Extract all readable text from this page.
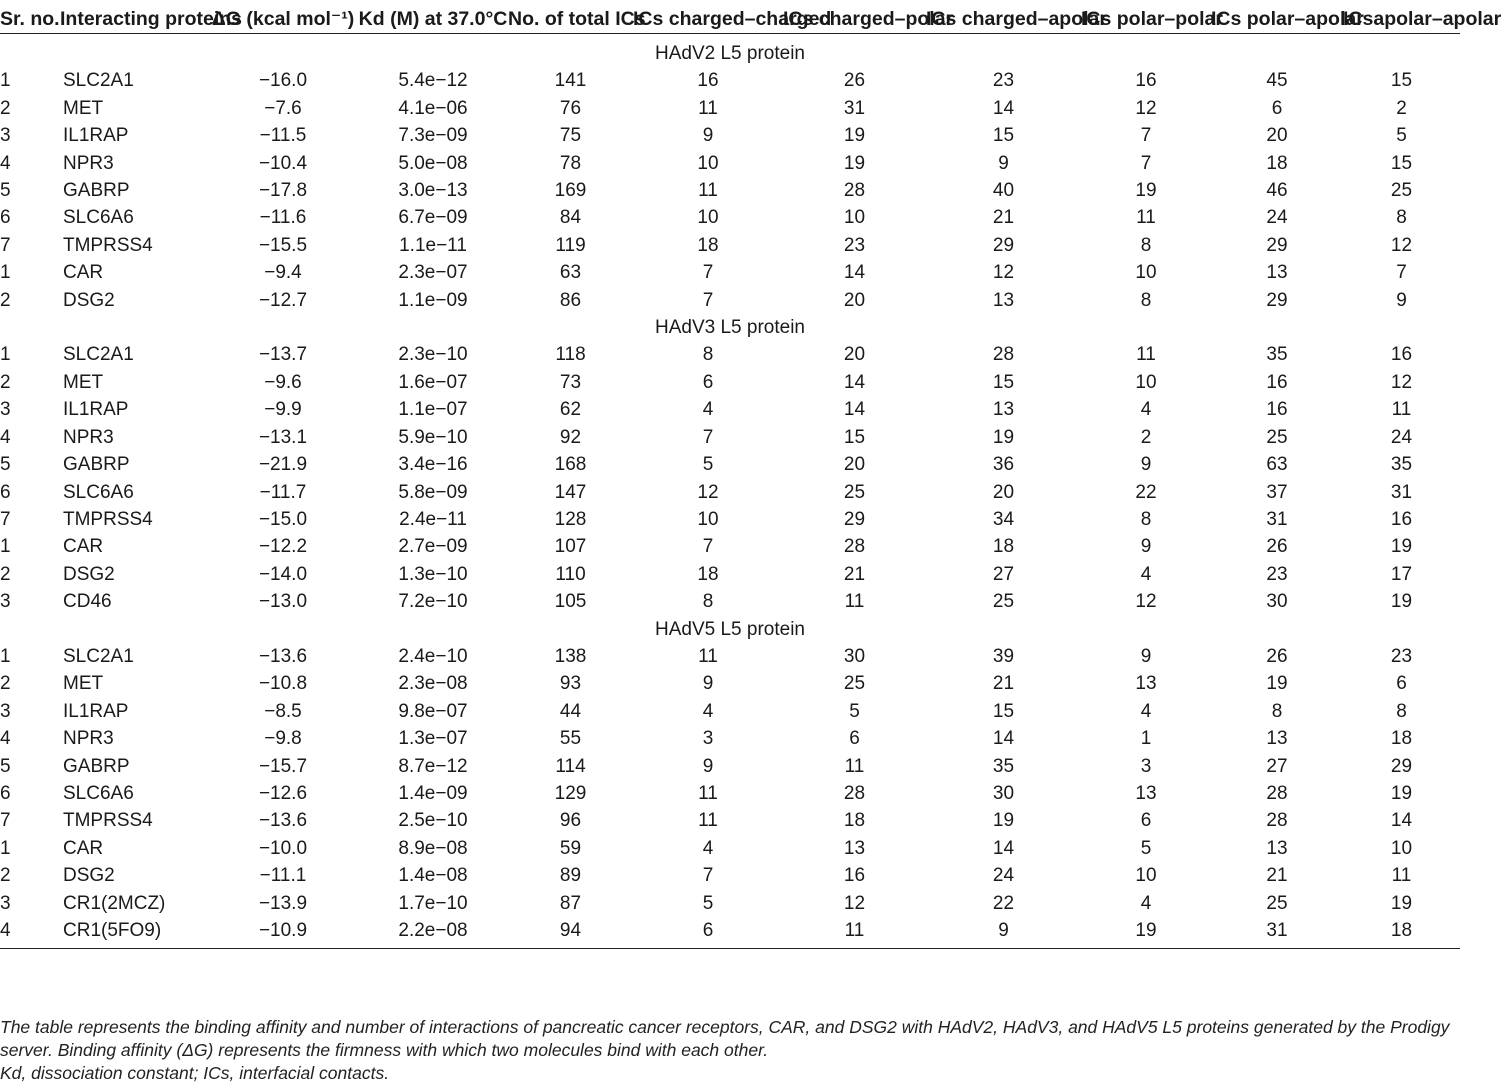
Sr. no.	Interacting proteins	ΔG (kcal mol⁻¹)	Kd (M) at 37.0°C	No. of total ICs	ICs charged–charged	ICs charged–polar	ICs charged–apolar	ICs polar–polar	ICs polar–apolar	ICsapolar–apolar
HAdV2 L5 protein										
1	SLC2A1	−16.0	5.4e−12	141	16	26	23	16	45	15
2	MET	−7.6	4.1e−06	76	11	31	14	12	6	2
3	IL1RAP	−11.5	7.3e−09	75	9	19	15	7	20	5
4	NPR3	−10.4	5.0e−08	78	10	19	9	7	18	15
5	GABRP	−17.8	3.0e−13	169	11	28	40	19	46	25
6	SLC6A6	−11.6	6.7e−09	84	10	10	21	11	24	8
7	TMPRSS4	−15.5	1.1e−11	119	18	23	29	8	29	12
1	CAR	−9.4	2.3e−07	63	7	14	12	10	13	7
2	DSG2	−12.7	1.1e−09	86	7	20	13	8	29	9
HAdV3 L5 protein										
1	SLC2A1	−13.7	2.3e−10	118	8	20	28	11	35	16
2	MET	−9.6	1.6e−07	73	6	14	15	10	16	12
3	IL1RAP	−9.9	1.1e−07	62	4	14	13	4	16	11
4	NPR3	−13.1	5.9e−10	92	7	15	19	2	25	24
5	GABRP	−21.9	3.4e−16	168	5	20	36	9	63	35
6	SLC6A6	−11.7	5.8e−09	147	12	25	20	22	37	31
7	TMPRSS4	−15.0	2.4e−11	128	10	29	34	8	31	16
1	CAR	−12.2	2.7e−09	107	7	28	18	9	26	19
2	DSG2	−14.0	1.3e−10	110	18	21	27	4	23	17
3	CD46	−13.0	7.2e−10	105	8	11	25	12	30	19
HAdV5 L5 protein										
1	SLC2A1	−13.6	2.4e−10	138	11	30	39	9	26	23
2	MET	−10.8	2.3e−08	93	9	25	21	13	19	6
3	IL1RAP	−8.5	9.8e−07	44	4	5	15	4	8	8
4	NPR3	−9.8	1.3e−07	55	3	6	14	1	13	18
5	GABRP	−15.7	8.7e−12	114	9	11	35	3	27	29
6	SLC6A6	−12.6	1.4e−09	129	11	28	30	13	28	19
7	TMPRSS4	−13.6	2.5e−10	96	11	18	19	6	28	14
1	CAR	−10.0	8.9e−08	59	4	13	14	5	13	10
2	DSG2	−11.1	1.4e−08	89	7	16	24	10	21	11
3	CR1(2MCZ)	−13.9	1.7e−10	87	5	12	22	4	25	19
4	CR1(5FO9)	−10.9	2.2e−08	94	6	11	9	19	31	18

The table represents the binding affinity and number of interactions of pancreatic cancer receptors, CAR, and DSG2 with HAdV2, HAdV3, and HAdV5 L5 proteins generated by the Prodigy server. Binding affinity (ΔG) represents the firmness with which two molecules bind with each other.

Kd, dissociation constant; ICs, interfacial contacts.
